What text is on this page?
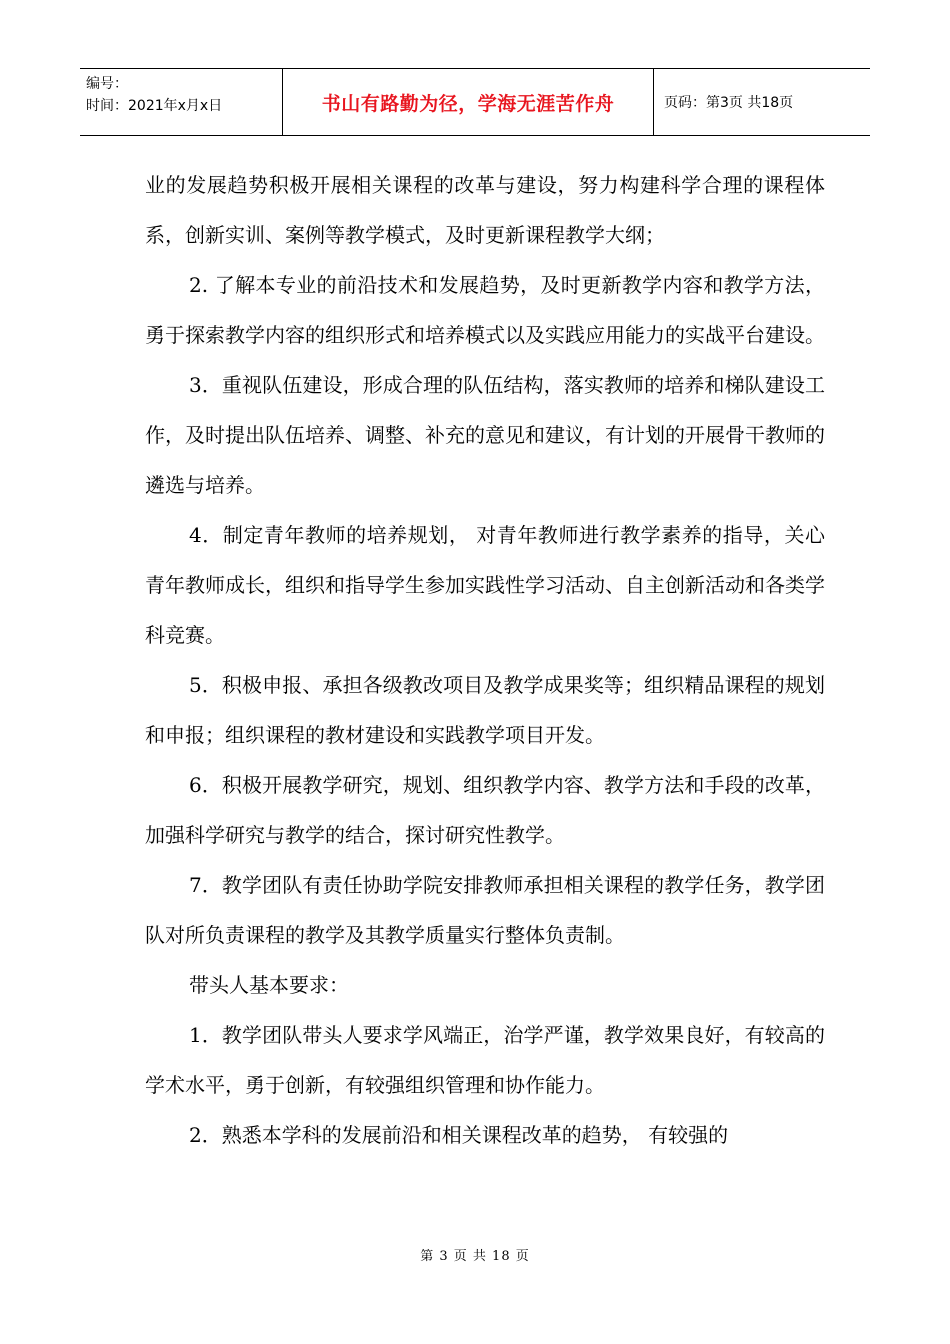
编号：
时间：2021年x月x日	书山有路勤为径，学海无涯苦作舟	页码：第3页 共18页

业的发展趋势积极开展相关课程的改革与建设，努力构建科学合理的课程体系，创新实训、案例等教学模式，及时更新课程教学大纲；

2. 了解本专业的前沿技术和发展趋势，及时更新教学内容和教学方法，勇于探索教学内容的组织形式和培养模式以及实践应用能力的实战平台建设。

3．重视队伍建设，形成合理的队伍结构，落实教师的培养和梯队建设工作，及时提出队伍培养、调整、补充的意见和建议，有计划的开展骨干教师的遴选与培养。

4．制定青年教师的培养规划， 对青年教师进行教学素养的指导，关心青年教师成长，组织和指导学生参加实践性学习活动、自主创新活动和各类学科竞赛。

5．积极申报、承担各级教改项目及教学成果奖等；组织精品课程的规划和申报；组织课程的教材建设和实践教学项目开发。

6．积极开展教学研究，规划、组织教学内容、教学方法和手段的改革，加强科学研究与教学的结合，探讨研究性教学。

7．教学团队有责任协助学院安排教师承担相关课程的教学任务，教学团队对所负责课程的教学及其教学质量实行整体负责制。

带头人基本要求：

1．教学团队带头人要求学风端正，治学严谨，教学效果良好，有较高的学术水平，勇于创新，有较强组织管理和协作能力。

2．熟悉本学科的发展前沿和相关课程改革的趋势， 有较强的

第 3 页 共 18 页
